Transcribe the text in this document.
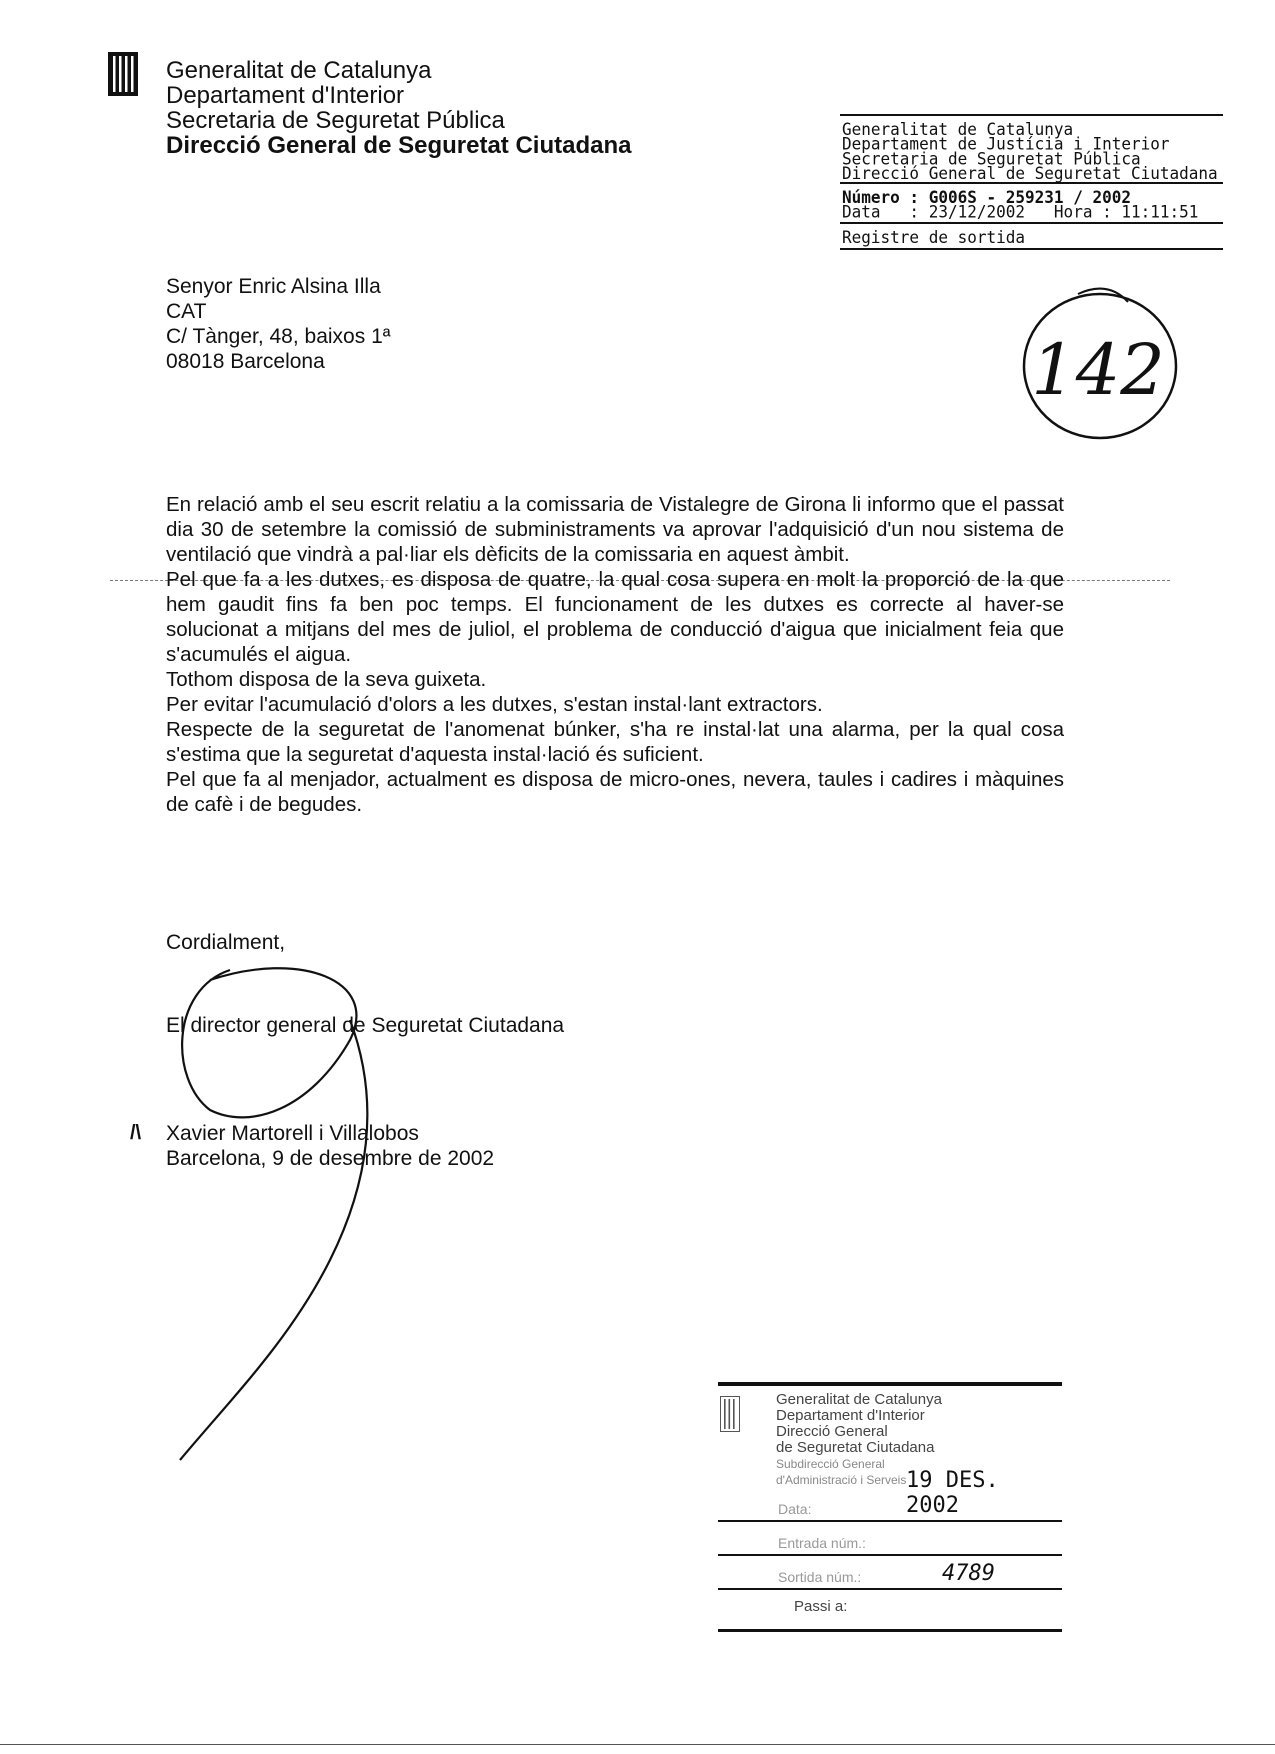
Generalitat de Catalunya
Departament d'Interior
Secretaria de Seguretat Pública
Direcció General de Seguretat Ciutadana
Generalitat de Catalunya
Departament de Justícia i Interior
Secretaria de Seguretat Pública
Direcció General de Seguretat Ciutadana
Número : G006S - 259231 / 2002
Data   : 23/12/2002   Hora : 11:11:51
Registre de sortida
142
Senyor Enric Alsina Illa
CAT
C/ Tànger, 48, baixos 1ª
08018 Barcelona

En relació amb el seu escrit relatiu a la comissaria de Vistalegre de Girona li informo que el passat dia 30 de setembre la comissió de subministraments va aprovar l'adquisició d'un nou sistema de ventilació que vindrà a pal·liar els dèficits de la comissaria en aquest àmbit.

Pel que fa a les dutxes, es disposa de quatre, la qual cosa supera en molt la proporció de la que hem gaudit fins fa ben poc temps. El funcionament de les dutxes es correcte al haver-se solucionat a mitjans del mes de juliol, el problema de conducció d'aigua que inicialment feia que s'acumulés el aigua.

Tothom disposa de la seva guixeta.

Per evitar l'acumulació d'olors a les dutxes, s'estan instal·lant extractors.

Respecte de la seguretat de l'anomenat búnker, s'ha re instal·lat una alarma, per la qual cosa s'estima que la seguretat d'aquesta instal·lació és suficient.

Pel que fa al menjador, actualment es disposa de micro-ones, nevera, taules i cadires i màquines de cafè i de begudes.

Cordialment,
El director general de Seguretat Ciutadana
/\ Xavier Martorell i Villalobos
Barcelona, 9 de desembre de 2002
Generalitat de Catalunya
Departament d'Interior
Direcció General
de Seguretat Ciutadana
Subdirecció General
d'Administració i Serveis
Data:
19 DES. 2002
Entrada núm.:
Sortida núm.:	4789
Passi a:
